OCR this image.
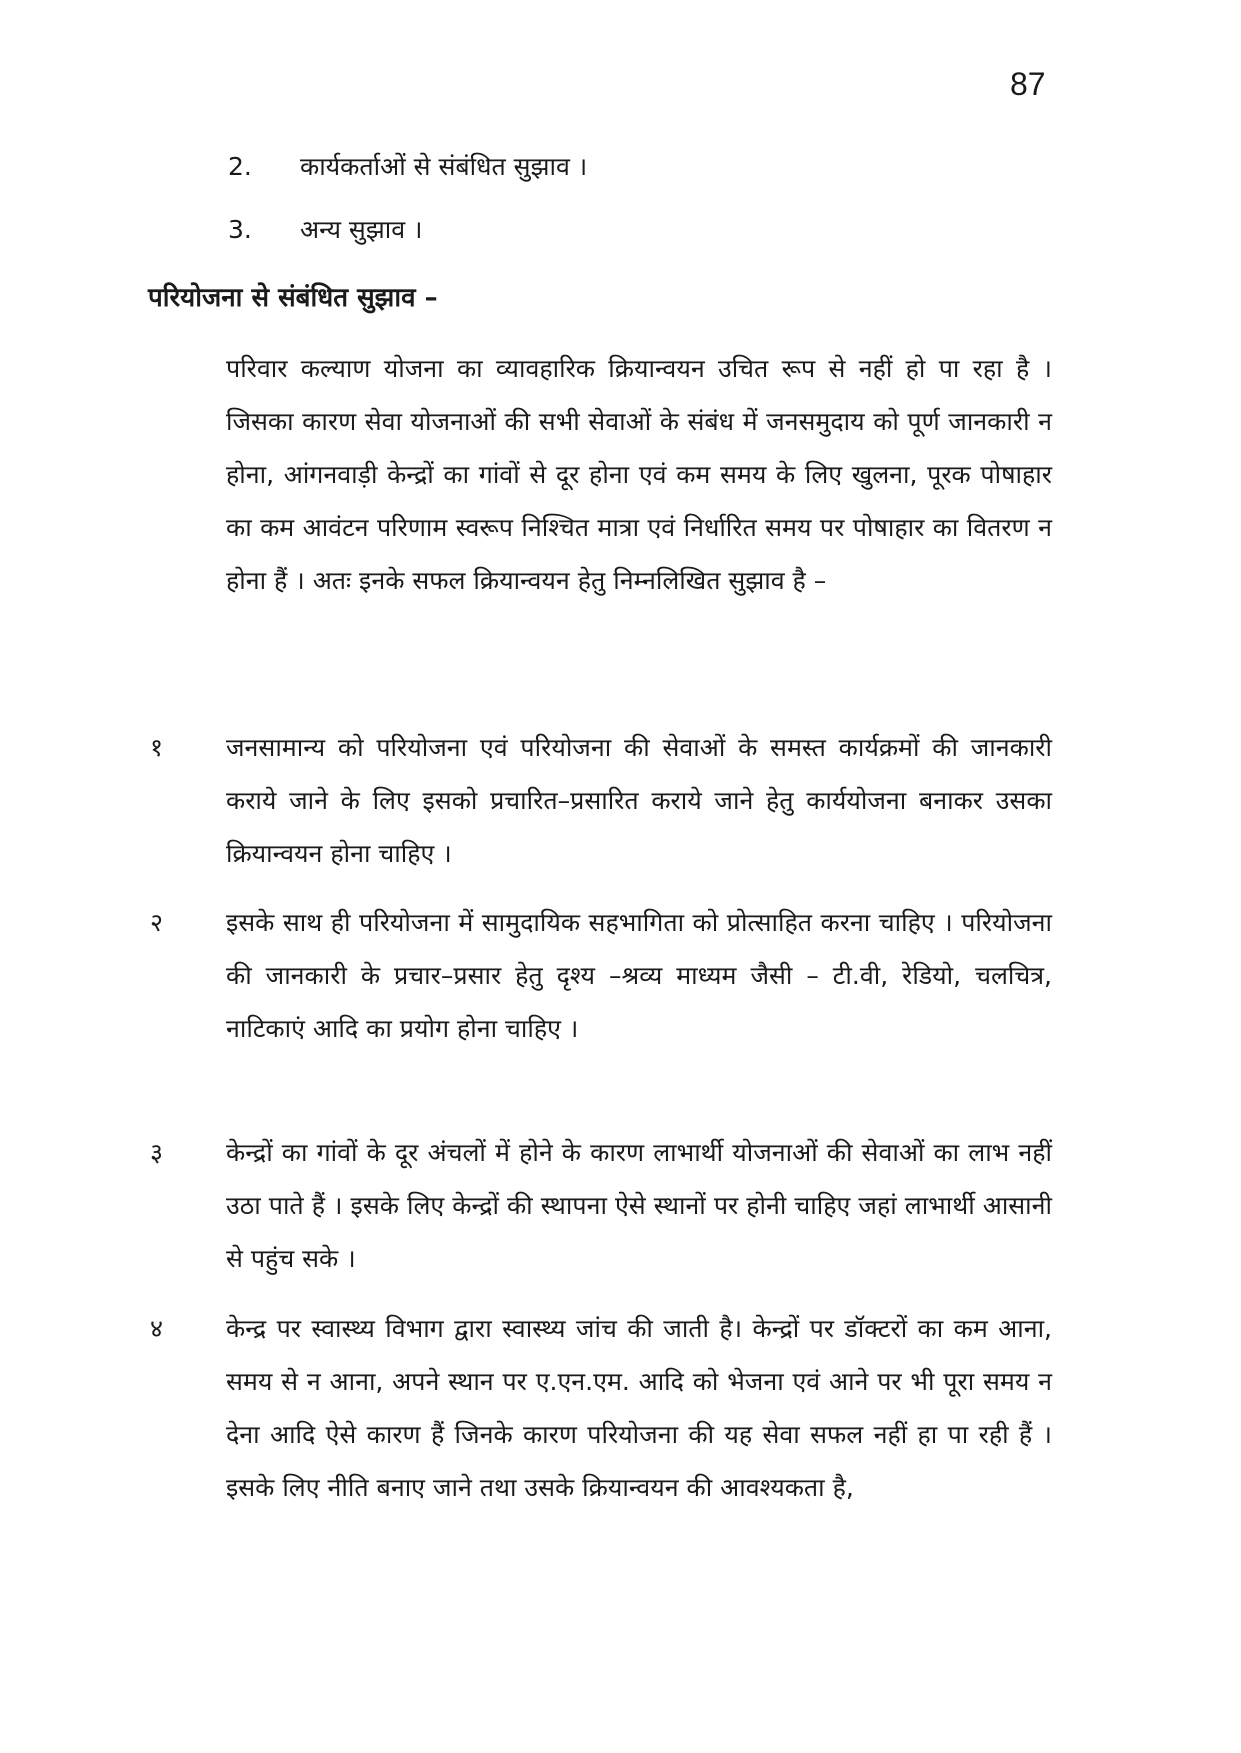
87
2. कार्यकर्ताओं से संबंधित सुझाव ।
3. अन्य सुझाव ।
परियोजना से संबंधित सुझाव –
परिवार कल्याण योजना का व्यावहारिक क्रियान्वयन उचित रूप से नहीं हो पा रहा है । जिसका कारण सेवा योजनाओं की सभी सेवाओं के संबंध में जनसमुदाय को पूर्ण जानकारी न होना, आंगनवाड़ी केन्द्रों का गांवों से दूर होना एवं कम समय के लिए खुलना, पूरक पोषाहार का कम आवंटन परिणाम स्वरूप निश्चित मात्रा एवं निर्धारित समय पर पोषाहार का वितरण न होना हैं । अतः इनके सफल क्रियान्वयन हेतु निम्नलिखित सुझाव है –
१	जनसामान्य को परियोजना एवं परियोजना की सेवाओं के समस्त कार्यक्रमों की जानकारी कराये जाने के लिए इसको प्रचारित–प्रसारित कराये जाने हेतु कार्ययोजना बनाकर उसका क्रियान्वयन होना चाहिए ।
२	इसके साथ ही परियोजना में सामुदायिक सहभागिता को प्रोत्साहित करना चाहिए । परियोजना की जानकारी के प्रचार–प्रसार हेतु दृश्य –श्रव्य माध्यम जैसी – टी.वी, रेडियो, चलचित्र, नाटिकाएं आदि का प्रयोग होना चाहिए ।
३	केन्द्रों का गांवों के दूर अंचलों में होने के कारण लाभार्थी योजनाओं की सेवाओं का लाभ नहीं उठा पाते हैं । इसके लिए केन्द्रों की स्थापना ऐसे स्थानों पर होनी चाहिए जहां लाभार्थी आसानी से पहुंच सके ।
४	केन्द्र पर स्वास्थ्य विभाग द्वारा स्वास्थ्य जांच की जाती है। केन्द्रों पर डॉक्टरों का कम आना, समय से न आना, अपने स्थान पर ए.एन.एम. आदि को भेजना एवं आने पर भी पूरा समय न देना आदि ऐसे कारण हैं जिनके कारण परियोजना की यह सेवा सफल नहीं हा पा रही हैं । इसके लिए नीति बनाए जाने तथा उसके क्रियान्वयन की आवश्यकता है,
